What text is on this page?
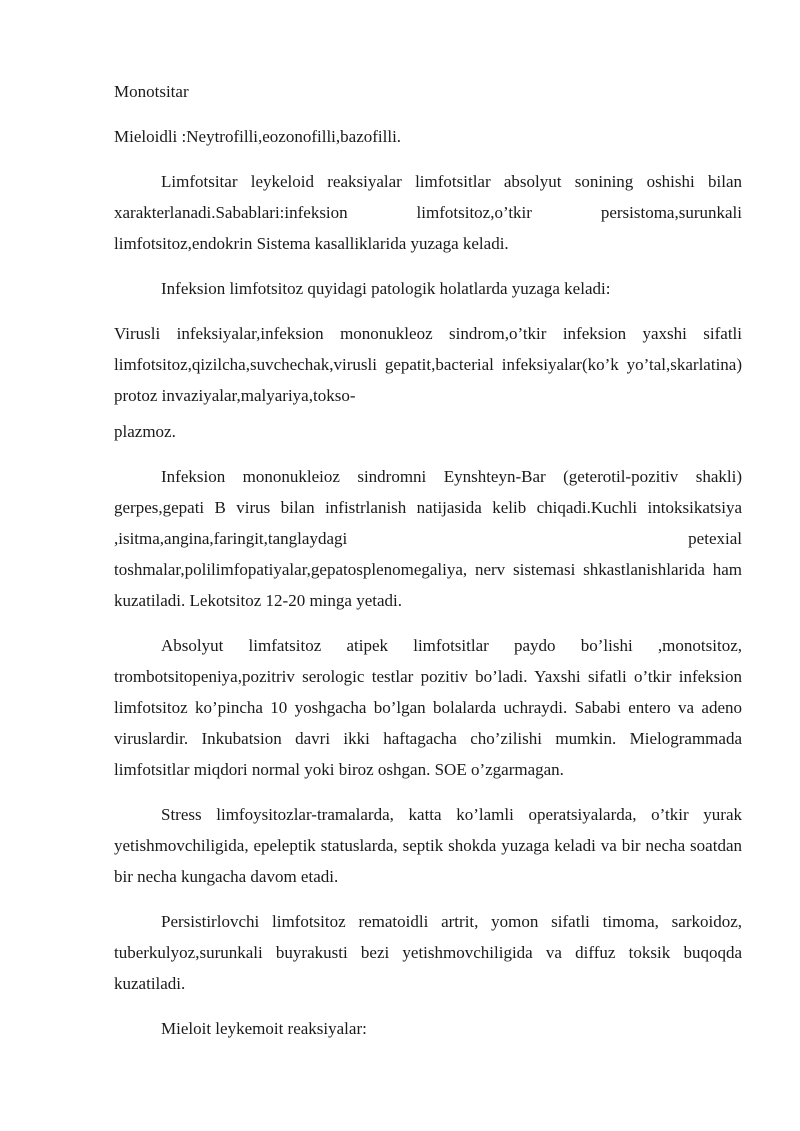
Monotsitar

Mieloidli :Neytrofilli,eozonofilli,bazofilli.

Limfotsitar leykeloid reaksiyalar limfotsitlar absolyut sonining oshishi bilan xarakterlanadi.Sabablari:infeksion limfotsitoz,o’tkir persistoma,surunkali limfotsitoz,endokrin Sistema kasalliklarida yuzaga keladi.

Infeksion limfotsitoz quyidagi patologik holatlarda yuzaga keladi:

Virusli infeksiyalar,infeksion mononukleoz sindrom,o’tkir infeksion yaxshi sifatli limfotsitoz,qizilcha,suvchechak,virusli gepatit,bacterial infeksiyalar(ko’k yo’tal,skarlatina) protoz invaziyalar,malyariya,tokso-

plazmoz.

Infeksion mononukleioz sindromni Eynshteyn-Bar (geterotil-pozitiv shakli) gerpes,gepati B virus bilan infistrlanish natijasida kelib chiqadi.Kuchli intoksikatsiya ,isitma,angina,faringit,tanglaydagi petexial toshmalar,polilimfopatiyalar,gepatosplenomegaliya, nerv sistemasi shkastlanishlarida ham kuzatiladi. Lekotsitoz 12-20 minga yetadi.

Absolyut limfatsitoz atipek limfotsitlar paydo bo’lishi ,monotsitoz, trombotsitopeniya,pozitriv serologic testlar pozitiv bo’ladi. Yaxshi sifatli o’tkir infeksion limfotsitoz ko’pincha 10 yoshgacha bo’lgan bolalarda uchraydi. Sababi entero va adeno viruslardir. Inkubatsion davri ikki haftagacha cho’zilishi mumkin. Mielogrammada limfotsitlar miqdori normal yoki biroz oshgan. SOE o’zgarmagan.

Stress limfoysitozlar-tramalarda, katta ko’lamli operatsiyalarda, o’tkir yurak yetishmovchiligida, epeleptik statuslarda, septik shokda yuzaga keladi va bir necha soatdan bir necha kungacha davom etadi.

Persistirlovchi limfotsitoz rematoidli artrit, yomon sifatli timoma, sarkoidoz, tuberkulyoz,surunkali buyrakusti bezi yetishmovchiligida va diffuz toksik buqoqda kuzatiladi.

Mieloit leykemoit reaksiyalar:
